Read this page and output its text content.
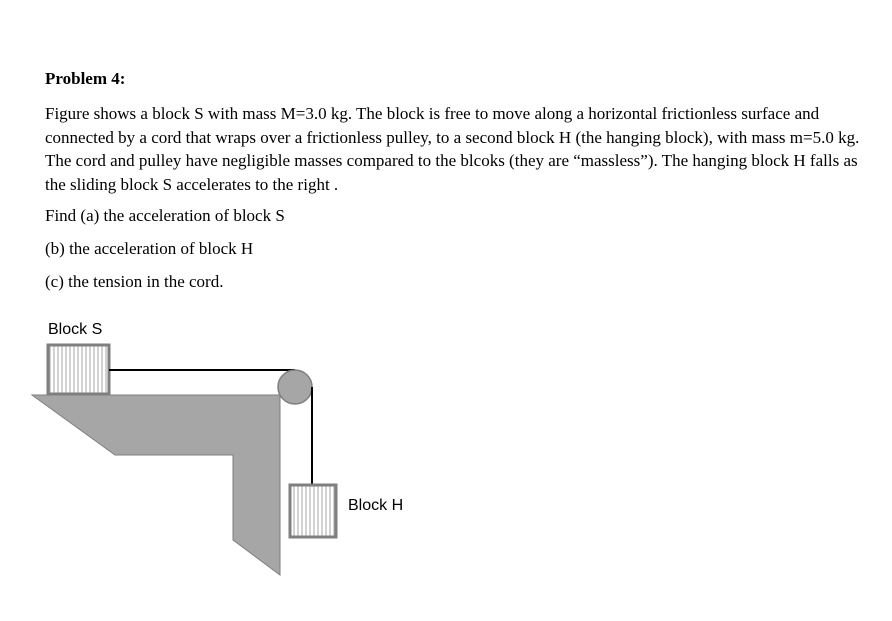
Problem 4:

Figure shows a block S with mass M=3.0 kg. The block is free to move along a horizontal frictionless surface and connected by a cord that wraps over a frictionless pulley, to a second block H (the hanging block), with mass m=5.0 kg. The cord and pulley have negligible masses compared to the blcoks (they are “massless”). The hanging block H falls as the sliding block S accelerates to the right .

Find (a) the acceleration of block S

(b) the acceleration of block H

(c) the tension in the cord.

Block S
Block H
